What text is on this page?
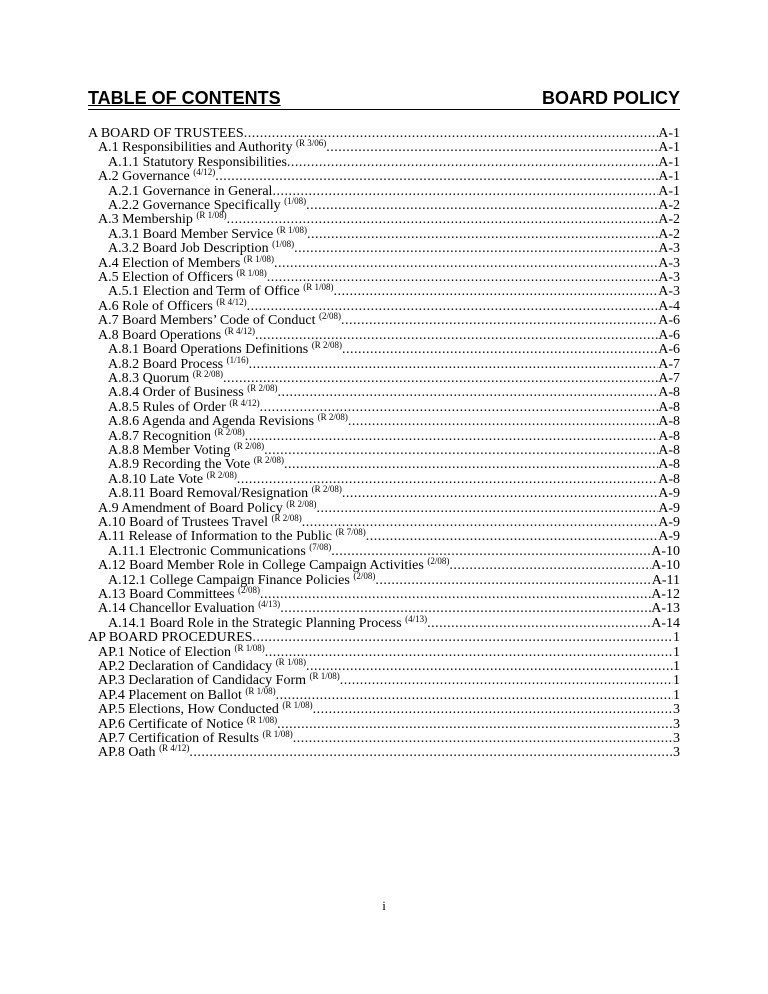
TABLE OF CONTENTS	BOARD POLICY
A BOARD OF TRUSTEES .....	A-1
A.1 Responsibilities and Authority $^{(R 3/06)}$ .....	A-1
A.1.1 Statutory Responsibilities .....	A-1
A.2 Governance $^{(4/12)}$ .....	A-1
A.2.1 Governance in General .....	A-1
A.2.2 Governance Specifically $^{(1/08)}$ .....	A-2
A.3 Membership $^{(R 1/08)}$ .....	A-2
A.3.1 Board Member Service $^{(R 1/08)}$ .....	A-2
A.3.2 Board Job Description $^{(1/08)}$ .....	A-3
A.4 Election of Members $^{(R 1/08)}$ .....	A-3
A.5 Election of Officers $^{(R 1/08)}$ .....	A-3
A.5.1 Election and Term of Office $^{(R 1/08)}$ .....	A-3
A.6 Role of Officers $^{(R 4/12)}$ .....	A-4
A.7 Board Members’ Code of Conduct $^{(2/08)}$ .....	A-6
A.8 Board Operations $^{(R 4/12)}$ .....	A-6
A.8.1 Board Operations Definitions $^{(R 2/08)}$ .....	A-6
A.8.2 Board Process $^{(1/16)}$ .....	A-7
A.8.3 Quorum $^{(R 2/08)}$ .....	A-7
A.8.4 Order of Business $^{(R 2/08)}$ .....	A-8
A.8.5 Rules of Order $^{(R 4/12)}$ .....	A-8
A.8.6 Agenda and Agenda Revisions $^{(R 2/08)}$ .....	A-8
A.8.7 Recognition $^{(R 2/08)}$ .....	A-8
A.8.8 Member Voting $^{(R 2/08)}$ .....	A-8
A.8.9 Recording the Vote $^{(R 2/08)}$ .....	A-8
A.8.10 Late Vote $^{(R 2/08)}$ .....	A-8
A.8.11 Board Removal/Resignation $^{(R 2/08)}$ .....	A-9
A.9 Amendment of Board Policy $^{(R 2/08)}$ .....	A-9
A.10 Board of Trustees Travel $^{(R 2/08)}$ .....	A-9
A.11 Release of Information to the Public $^{(R 7/08)}$ .....	A-9
A.11.1 Electronic Communications $^{(7/08)}$ .....	A-10
A.12 Board Member Role in College Campaign Activities $^{(2/08)}$ .....	A-10
A.12.1 College Campaign Finance Policies $^{(2/08)}$ .....	A-11
A.13 Board Committees $^{(2/08)}$ .....	A-12
A.14 Chancellor Evaluation $^{(4/13)}$ .....	A-13
A.14.1 Board Role in the Strategic Planning Process $^{(4/13)}$ .....	A-14
AP BOARD PROCEDURES .....	1
AP.1 Notice of Election $^{(R 1/08)}$ .....	1
AP.2 Declaration of Candidacy $^{(R 1/08)}$ .....	1
AP.3 Declaration of Candidacy Form $^{(R 1/08)}$ .....	1
AP.4 Placement on Ballot $^{(R 1/08)}$ .....	1
AP.5 Elections, How Conducted $^{(R 1/08)}$ .....	3
AP.6 Certificate of Notice $^{(R 1/08)}$ .....	3
AP.7 Certification of Results $^{(R 1/08)}$ .....	3
AP.8 Oath $^{(R 4/12)}$ .....	3
i
